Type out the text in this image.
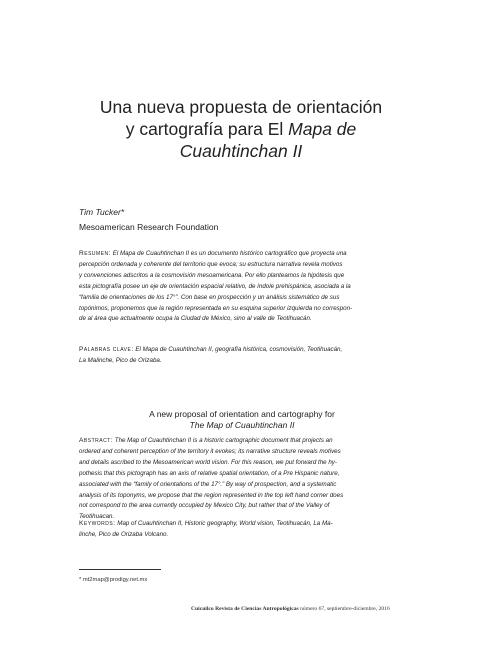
Una nueva propuesta de orientación
y cartografía para El Mapa de
Cuauhtinchan II
Tim Tucker*
Mesoamerican Research Foundation
Resumen: El Mapa de Cuauhtinchan II es un documento histórico cartográfico que proyecta una
percepción ordenada y coherente del territorio que evoca; su estructura narrativa revela motivos
y convenciones adscritos a la cosmovisión mesoamericana. Por ello planteamos la hipótesis que
esta pictografía posee un eje de orientación espacial relativo, de índole prehispánica, asociada a la
“familia de orientaciones de los 17°”. Con base en prospección y un análisis sistemático de sus
topónimos, proponemos que la región representada en su esquina superior izquierda no correspon-
de al área que actualmente ocupa la Ciudad de México, sino al valle de Teotihuacán.
Palabras clave: El Mapa de Cuauhtinchan II, geografía histórica, cosmovisión, Teotihuacán,
La Malinche, Pico de Orizaba.
A new proposal of orientation and cartography for
The Map of Cuauhtinchan II
Abstract: The Map of Cuauhtinchan II is a historic cartographic document that projects an
ordered and coherent perception of the territory it evokes; its narrative structure reveals motives
and details ascribed to the Mesoamerican world vision. For this reason, we put forward the hy-
pothesis that this pictograph has an axis of relative spatial orientation, of a Pre Hispanic nature,
associated with the “family of orientations of the 17°.” By way of prospection, and a systematic
analysis of its toponyms, we propose that the region represented in the top left hand corner does
not correspond to the area currently occupied by Mexico City, but rather that of the Valley of
Teotihuacan.
Keywords: Map of Cuauhtinchan II, Historic geography, World vision, Teotihuacán, La Ma-
linche, Pico de Orizaba Volcano.
* mt2map@prodigy.net.mx
Cuicuilco Revista de Ciencias Antropológicas número 67, septiembre-diciembre, 2016
